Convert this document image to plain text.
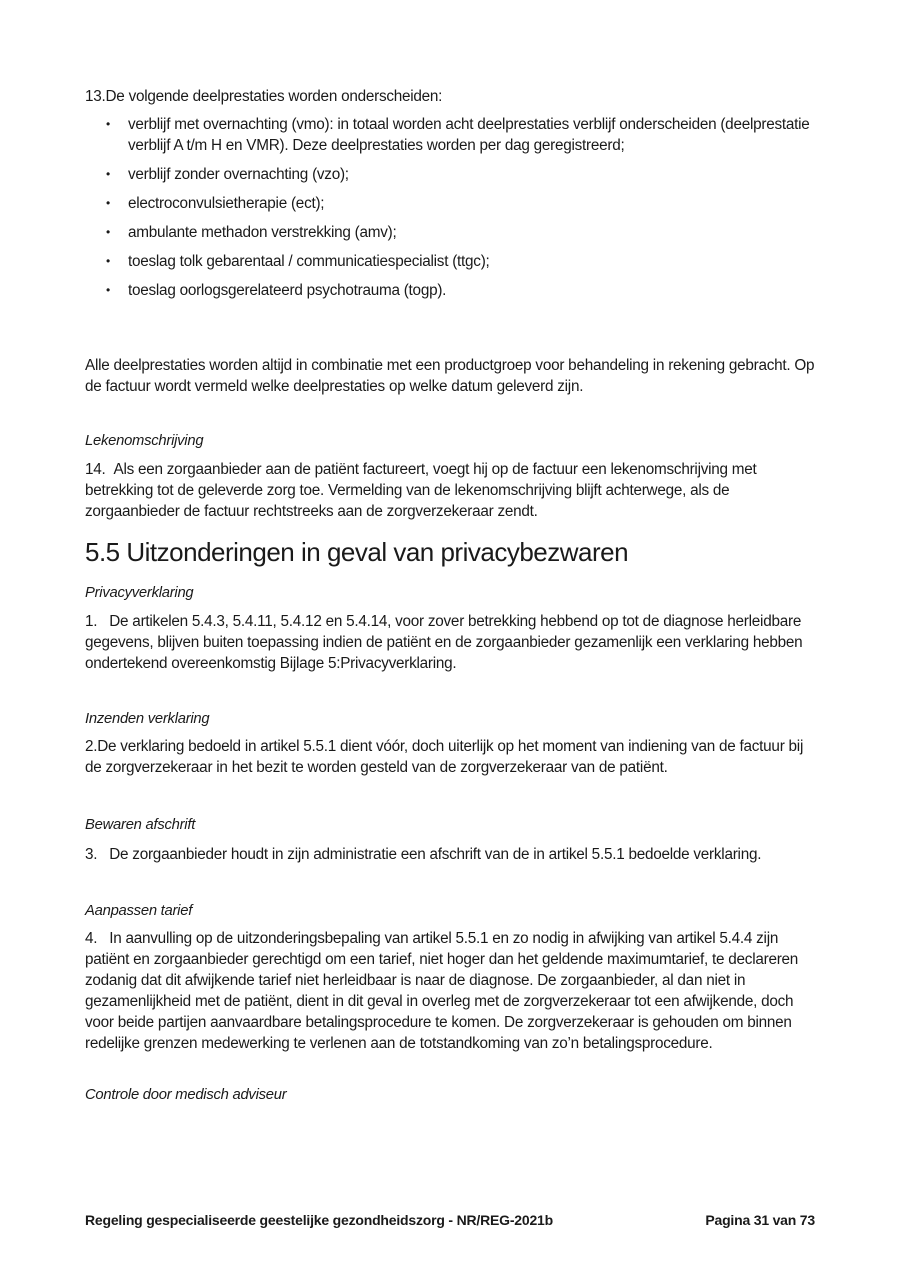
13.De volgende deelprestaties worden onderscheiden:

•	verblijf met overnachting (vmo): in totaal worden acht deelprestaties verblijf onderscheiden (deelprestatie verblijf A t/m H en VMR). Deze deelprestaties worden per dag geregistreerd;
•	verblijf zonder overnachting (vzo);
•	electroconvulsietherapie (ect);
•	ambulante methadon verstrekking (amv);
•	toeslag tolk gebarentaal / communicatiespecialist (ttgc);
•	toeslag oorlogsgerelateerd psychotrauma (togp).

Alle deelprestaties worden altijd in combinatie met een productgroep voor behandeling in rekening gebracht. Op de factuur wordt vermeld welke deelprestaties op welke datum geleverd zijn.

Lekenomschrijving

14.  Als een zorgaanbieder aan de patiënt factureert, voegt hij op de factuur een lekenomschrijving met betrekking tot de geleverde zorg toe. Vermelding van de lekenomschrijving blijft achterwege, als de zorgaanbieder de factuur rechtstreeks aan de zorgverzekeraar zendt.

5.5 Uitzonderingen in geval van privacybezwaren

Privacyverklaring

1.   De artikelen 5.4.3, 5.4.11, 5.4.12 en 5.4.14, voor zover betrekking hebbend op tot de diagnose herleidbare gegevens, blijven buiten toepassing indien de patiënt en de zorgaanbieder gezamenlijk een verklaring hebben ondertekend overeenkomstig Bijlage 5:Privacyverklaring.

Inzenden verklaring

2.De verklaring bedoeld in artikel 5.5.1 dient vóór, doch uiterlijk op het moment van indiening van de factuur bij de zorgverzekeraar in het bezit te worden gesteld van de zorgverzekeraar van de patiënt.

Bewaren afschrift

3.   De zorgaanbieder houdt in zijn administratie een afschrift van de in artikel 5.5.1 bedoelde verklaring.

Aanpassen tarief

4.   In aanvulling op de uitzonderingsbepaling van artikel 5.5.1 en zo nodig in afwijking van artikel 5.4.4 zijn patiënt en zorgaanbieder gerechtigd om een tarief, niet hoger dan het geldende maximumtarief, te declareren zodanig dat dit afwijkende tarief niet herleidbaar is naar de diagnose. De zorgaanbieder, al dan niet in gezamenlijkheid met de patiënt, dient in dit geval in overleg met de zorgverzekeraar tot een afwijkende, doch voor beide partijen aanvaardbare betalingsprocedure te komen. De zorgverzekeraar is gehouden om binnen redelijke grenzen medewerking te verlenen aan de totstandkoming van zo’n betalingsprocedure.

Controle door medisch adviseur

Regeling gespecialiseerde geestelijke gezondheidszorg - NR/REG-2021b	Pagina 31 van 73
